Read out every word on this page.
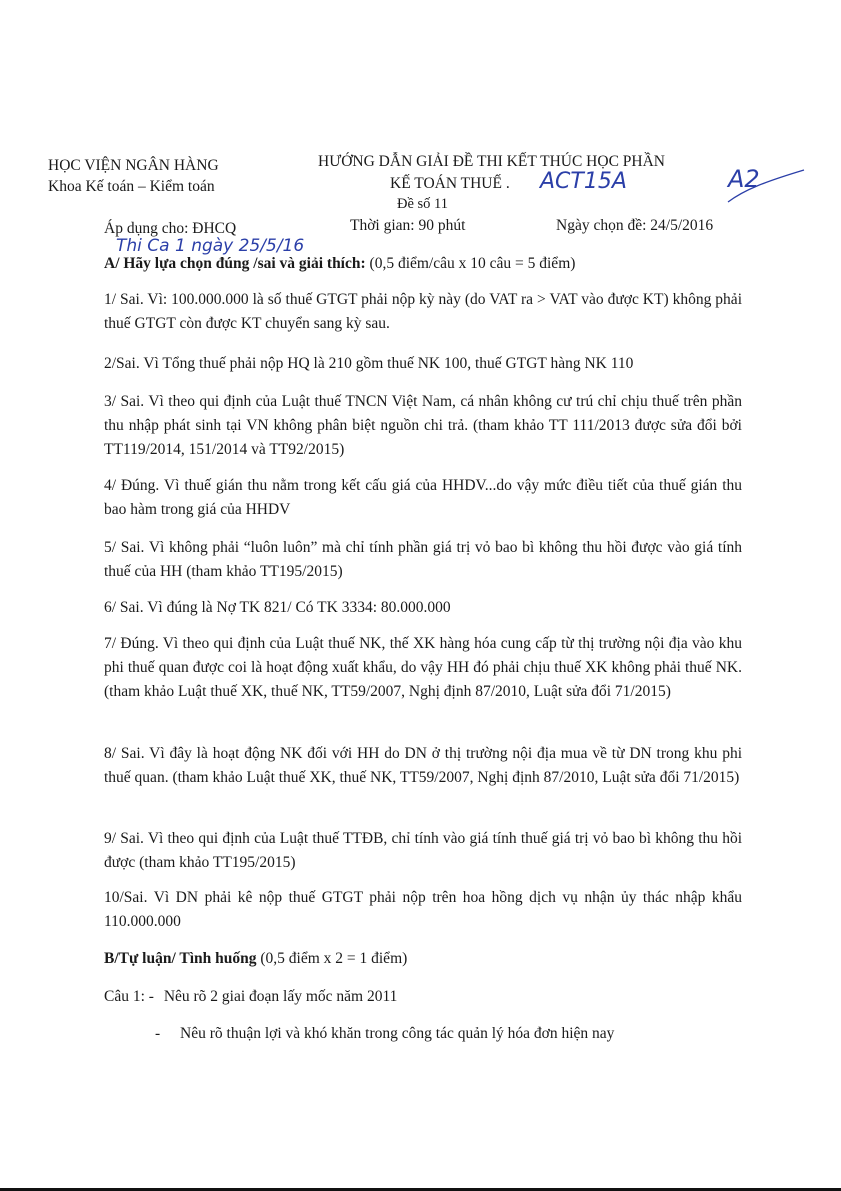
HỌC VIỆN NGÂN HÀNG
Khoa Kế toán – Kiểm toán
HƯỚNG DẪN GIẢI ĐỀ THI KẾT THÚC HỌC PHẦN
KẾ TOÁN THUẾ . ACT15A	A2
Đề số 11
Áp dụng cho: ĐHCQ	Thời gian: 90 phút	Ngày chọn đề: 24/5/2016
Thi Ca 1 ngày 25/5/16
A/ Hãy lựa chọn đúng /sai và giải thích: (0,5 điểm/câu x 10 câu = 5 điểm)
1/ Sai. Vì: 100.000.000 là số thuế GTGT phải nộp kỳ này (do VAT ra > VAT vào được KT) không phải thuế GTGT còn được KT chuyển sang kỳ sau.
2/Sai. Vì Tổng thuế phải nộp HQ là 210 gồm thuế NK 100, thuế GTGT hàng NK 110
3/ Sai. Vì theo qui định của Luật thuế TNCN Việt Nam, cá nhân không cư trú chỉ chịu thuế trên phần thu nhập phát sinh tại VN không phân biệt nguồn chi trả. (tham khảo TT 111/2013 được sửa đổi bởi TT119/2014, 151/2014 và TT92/2015)
4/ Đúng. Vì thuế gián thu nằm trong kết cấu giá của HHDV...do vậy mức điều tiết của thuế gián thu bao hàm trong giá của HHDV
5/ Sai. Vì không phải “luôn luôn” mà chỉ tính phần giá trị vỏ bao bì không thu hồi được vào giá tính thuế của HH (tham khảo TT195/2015)
6/ Sai. Vì đúng là Nợ TK 821/ Có TK 3334: 80.000.000
7/ Đúng. Vì theo qui định của Luật thuế NK, thế XK hàng hóa cung cấp từ thị trường nội địa vào khu phi thuế quan được coi là hoạt động xuất khẩu, do vậy HH đó phải chịu thuế XK không phải thuế NK. (tham khảo Luật thuế XK, thuế NK, TT59/2007, Nghị định 87/2010, Luật sửa đổi 71/2015)
8/ Sai. Vì đây là hoạt động NK đối với HH do DN ở thị trường nội địa mua về từ DN trong khu phi thuế quan. (tham khảo Luật thuế XK, thuế NK, TT59/2007, Nghị định 87/2010, Luật sửa đổi 71/2015)
9/ Sai. Vì theo qui định của Luật thuế TTĐB, chỉ tính vào giá tính thuế giá trị vỏ bao bì không thu hồi được (tham khảo TT195/2015)
10/Sai. Vì DN phải kê nộp thuế GTGT phải nộp trên hoa hồng dịch vụ nhận ủy thác nhập khẩu 110.000.000
B/Tự luận/ Tình huống (0,5 điểm x 2 = 1 điểm)
Câu 1: - Nêu rõ 2 giai đoạn lấy mốc năm 2011
- Nêu rõ thuận lợi và khó khăn trong công tác quản lý hóa đơn hiện nay
